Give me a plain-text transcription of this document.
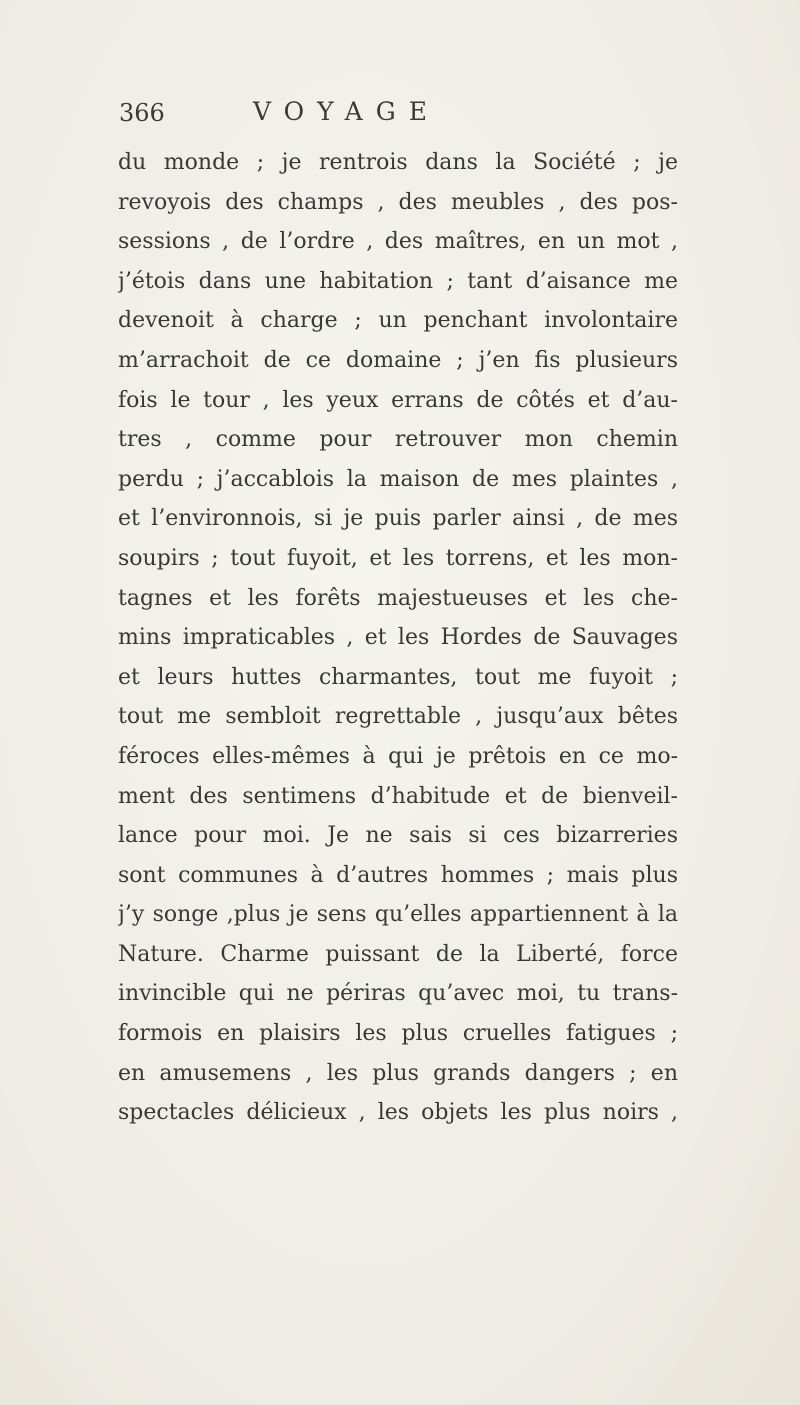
366	VOYAGE
du monde ; je rentrois dans la Société ; je
revoyois des champs , des meubles , des pos-
sessions , de l’ordre , des maîtres, en un mot ,
j’étois dans une habitation ; tant d’aisance me
devenoit à charge ; un penchant involontaire
m’arrachoit de ce domaine ; j’en fis plusieurs
fois le tour , les yeux errans de côtés et d’au-
tres , comme pour retrouver mon chemin
perdu ; j’accablois la maison de mes plaintes ,
et l’environnois, si je puis parler ainsi , de mes
soupirs ; tout fuyoit, et les torrens, et les mon-
tagnes et les forêts majestueuses et les che-
mins impraticables , et les Hordes de Sauvages
et leurs huttes charmantes, tout me fuyoit ;
tout me sembloit regrettable , jusqu’aux bêtes
féroces elles-mêmes à qui je prêtois en ce mo-
ment des sentimens d’habitude et de bienveil-
lance pour moi. Je ne sais si ces bizarreries
sont communes à d’autres hommes ; mais plus
j’y songe ,plus je sens qu’elles appartiennent à la
Nature. Charme puissant de la Liberté, force
invincible qui ne périras qu’avec moi, tu trans-
formois en plaisirs les plus cruelles fatigues ;
en amusemens , les plus grands dangers ; en
spectacles délicieux , les objets les plus noirs ,
